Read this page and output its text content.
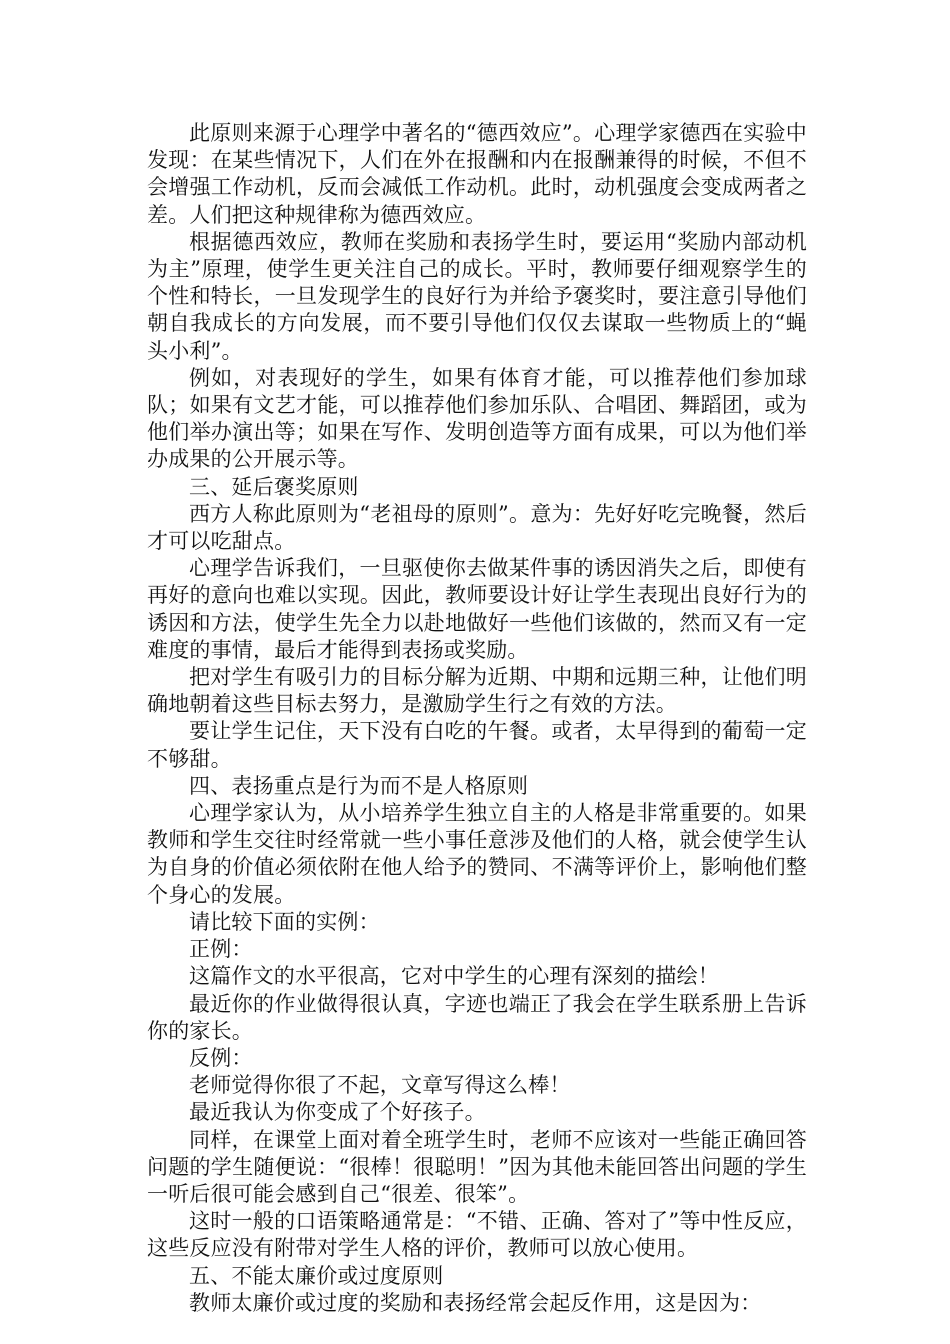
此原则来源于心理学中著名的“德西效应”。心理学家德西在实验中发现：在某些情况下，人们在外在报酬和内在报酬兼得的时候，不但不会增强工作动机，反而会减低工作动机。此时，动机强度会变成两者之差。人们把这种规律称为德西效应。

根据德西效应，教师在奖励和表扬学生时，要运用“奖励内部动机为主”原理，使学生更关注自己的成长。平时，教师要仔细观察学生的个性和特长，一旦发现学生的良好行为并给予褒奖时，要注意引导他们朝自我成长的方向发展，而不要引导他们仅仅去谋取一些物质上的“蝇头小利”。

例如，对表现好的学生，如果有体育才能，可以推荐他们参加球队；如果有文艺才能，可以推荐他们参加乐队、合唱团、舞蹈团，或为他们举办演出等；如果在写作、发明创造等方面有成果，可以为他们举办成果的公开展示等。

三、延后褒奖原则

西方人称此原则为“老祖母的原则”。意为：先好好吃完晚餐，然后才可以吃甜点。

心理学告诉我们，一旦驱使你去做某件事的诱因消失之后，即使有再好的意向也难以实现。因此，教师要设计好让学生表现出良好行为的诱因和方法，使学生先全力以赴地做好一些他们该做的，然而又有一定难度的事情，最后才能得到表扬或奖励。

把对学生有吸引力的目标分解为近期、中期和远期三种，让他们明确地朝着这些目标去努力，是激励学生行之有效的方法。

要让学生记住，天下没有白吃的午餐。或者，太早得到的葡萄一定不够甜。

四、表扬重点是行为而不是人格原则

心理学家认为，从小培养学生独立自主的人格是非常重要的。如果教师和学生交往时经常就一些小事任意涉及他们的人格，就会使学生认为自身的价值必须依附在他人给予的赞同、不满等评价上，影响他们整个身心的发展。

请比较下面的实例：

正例：

这篇作文的水平很高，它对中学生的心理有深刻的描绘！

最近你的作业做得很认真，字迹也端正了我会在学生联系册上告诉你的家长。

反例：

老师觉得你很了不起，文章写得这么棒！

最近我认为你变成了个好孩子。

同样，在课堂上面对着全班学生时，老师不应该对一些能正确回答问题的学生随便说：“很棒！很聪明！”因为其他未能回答出问题的学生一听后很可能会感到自己“很差、很笨”。

这时一般的口语策略通常是：“不错、正确、答对了”等中性反应，这些反应没有附带对学生人格的评价，教师可以放心使用。

五、不能太廉价或过度原则

教师太廉价或过度的奖励和表扬经常会起反作用，这是因为：
